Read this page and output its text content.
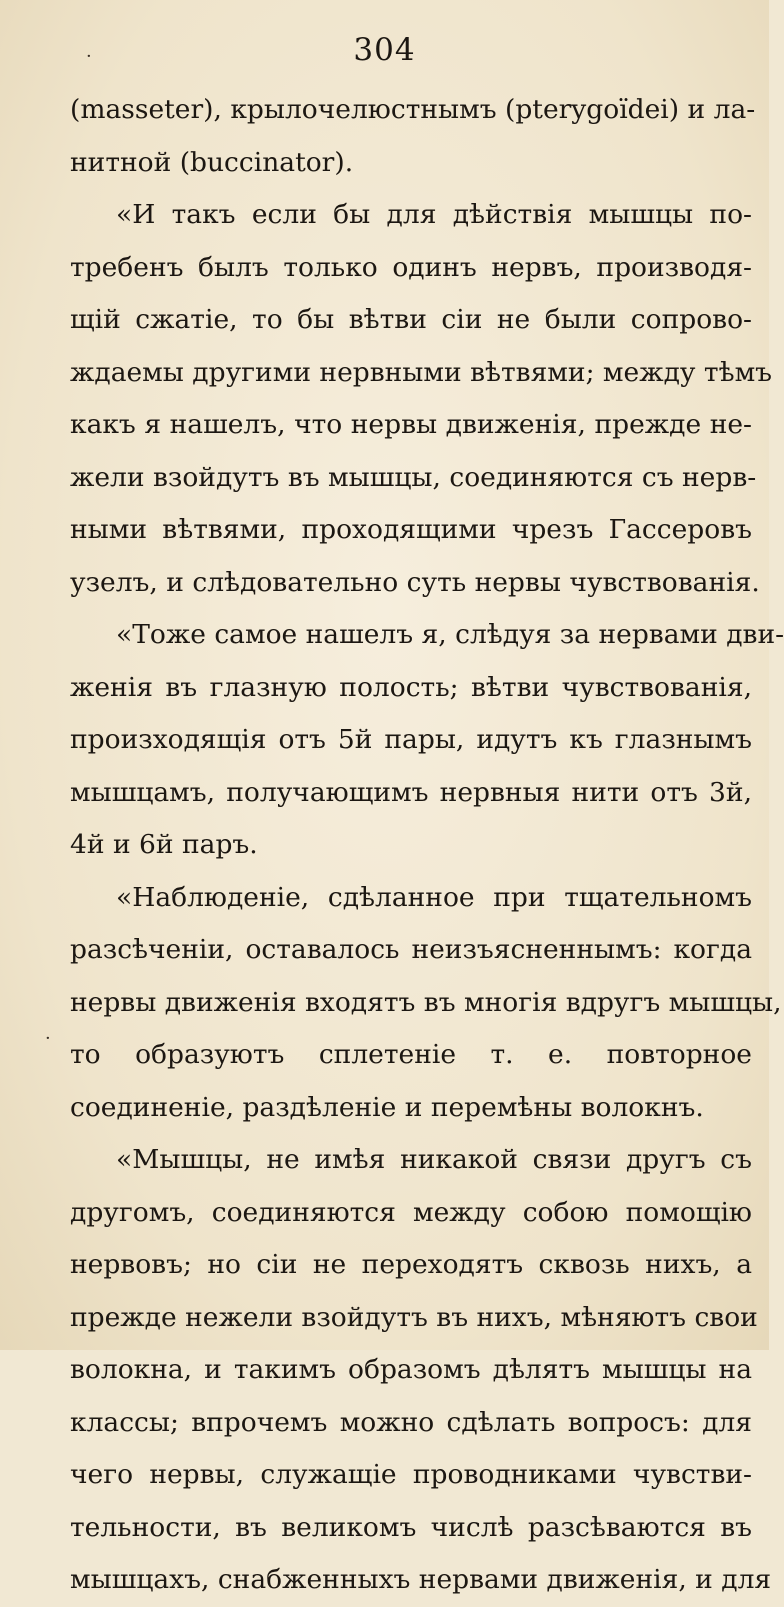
·	304
·
(masseter), крылочелюстнымъ (pterygoïdei) и ла-
нитной (buccinator).
«И такъ если бы для дѣйствія мышцы по-
требенъ былъ только одинъ нервъ, производя-
щій сжатіе, то бы вѣтви сіи не были сопрово-
ждаемы другими нервными вѣтвями; между тѣмъ
какъ я нашелъ, что нервы движенія, прежде не-
жели взойдутъ въ мышцы, соединяются съ нерв-
ными вѣтвями, проходящими чрезъ Гассеровъ
узелъ, и слѣдовательно суть нервы чувствованія.
«Тоже самое нашелъ я, слѣдуя за нервами дви-
женія въ глазную полость; вѣтви чувствованія,
произходящія отъ 5й пары, идутъ къ глазнымъ
мышцамъ, получающимъ нервныя нити отъ 3й,
4й и 6й паръ.
«Наблюденіе, сдѣланное при тщательномъ
разсѣченіи, оставалось неизъясненнымъ: когда
нервы движенія входятъ въ многія вдругъ мышцы,
то образуютъ сплетеніе т. е. повторное
соединеніе, раздѣленіе и перемѣны волокнъ.
«Мышцы, не имѣя никакой связи другъ съ
другомъ, соединяются между собою помощію
нервовъ; но сіи не переходятъ сквозь нихъ, а
прежде нежели взойдутъ въ нихъ, мѣняютъ свои
волокна, и такимъ образомъ дѣлятъ мышцы на
классы; впрочемъ можно сдѣлать вопросъ: для
чего нервы, служащіе проводниками чувстви-
тельности, въ великомъ числѣ разсѣваются въ
мышцахъ, снабженныхъ нервами движенія, и для
